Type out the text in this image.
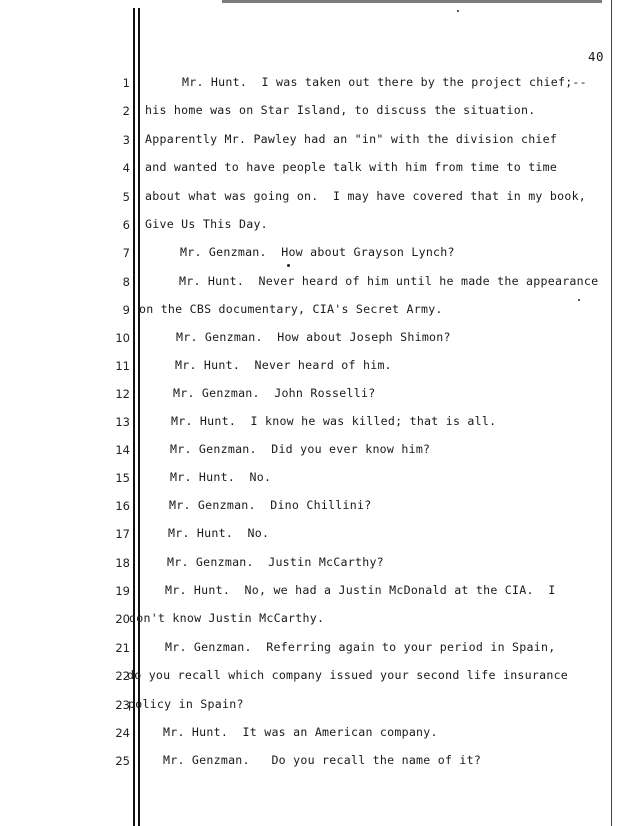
40
1	Mr. Hunt.  I was taken out there by the project chief;--
2 his home was on Star Island, to discuss the situation.
3 Apparently Mr. Pawley had an "in" with the division chief
4 and wanted to have people talk with him from time to time
5 about what was going on.  I may have covered that in my book,
6 Give Us This Day.
7	Mr. Genzman.  How about Grayson Lynch?
8	Mr. Hunt.  Never heard of him until he made the appearance
9 on the CBS documentary, CIA's Secret Army.
10	Mr. Genzman.  How about Joseph Shimon?
11	Mr. Hunt.  Never heard of him.
12	Mr. Genzman.  John Rosselli?
13	Mr. Hunt.  I know he was killed; that is all.
14	Mr. Genzman.  Did you ever know him?
15	Mr. Hunt.  No.
16	Mr. Genzman.  Dino Chillini?
17	Mr. Hunt.  No.
18	Mr. Genzman.  Justin McCarthy?
19	Mr. Hunt.  No, we had a Justin McDonald at the CIA.  I
20 don't know Justin McCarthy.
21	Mr. Genzman.  Referring again to your period in Spain,
22
do you recall which company issued your second life insurance
23
policy in Spain?
24	Mr. Hunt.  It was an American company.
25	Mr. Genzman.   Do you recall the name of it?
